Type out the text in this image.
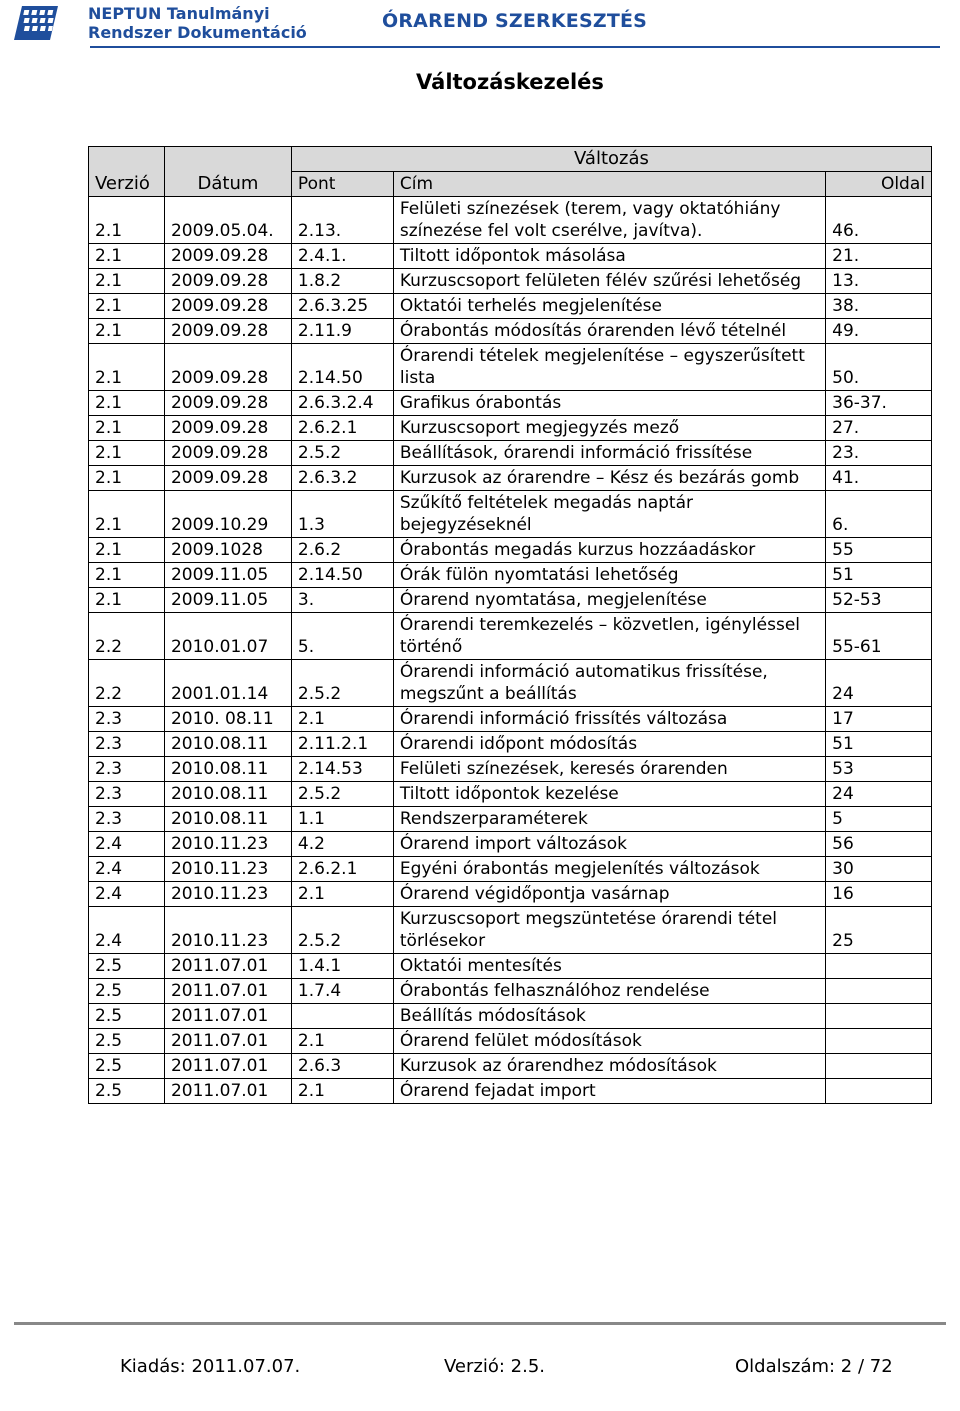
NEPTUN Tanulmányi
Rendszer Dokumentáció
ÓRAREND SZERKESZTÉS
Változáskezelés
Verzió	Dátum	Változás		
		Pont	Cím	Oldal
2.1	2009.05.04.	2.13.	Felületi színezések (terem, vagy oktatóhiány színezése fel volt cserélve, javítva).	46.
2.1	2009.09.28	2.4.1.	Tiltott időpontok másolása	21.
2.1	2009.09.28	1.8.2	Kurzuscsoport felületen félév szűrési lehetőség	13.
2.1	2009.09.28	2.6.3.25	Oktatói terhelés megjelenítése	38.
2.1	2009.09.28	2.11.9	Órabontás módosítás órarenden lévő tételnél	49.
2.1	2009.09.28	2.14.50	Órarendi tételek megjelenítése – egyszerűsített lista	50.
2.1	2009.09.28	2.6.3.2.4	Grafikus órabontás	36-37.
2.1	2009.09.28	2.6.2.1	Kurzuscsoport megjegyzés mező	27.
2.1	2009.09.28	2.5.2	Beállítások, órarendi információ frissítése	23.
2.1	2009.09.28	2.6.3.2	Kurzusok az órarendre – Kész és bezárás gomb	41.
2.1	2009.10.29	1.3	Szűkítő feltételek megadás naptár bejegyzéseknél	6.
2.1	2009.1028	2.6.2	Órabontás megadás kurzus hozzáadáskor	55
2.1	2009.11.05	2.14.50	Órák fülön nyomtatási lehetőség	51
2.1	2009.11.05	3.	Órarend nyomtatása, megjelenítése	52-53
2.2	2010.01.07	5.	Órarendi teremkezelés – közvetlen, igényléssel történő	55-61
2.2	2001.01.14	2.5.2	Órarendi információ automatikus frissítése, megszűnt a beállítás	24
2.3	2010. 08.11	2.1	Órarendi információ frissítés változása	17
2.3	2010.08.11	2.11.2.1	Órarendi időpont módosítás	51
2.3	2010.08.11	2.14.53	Felületi színezések, keresés órarenden	53
2.3	2010.08.11	2.5.2	Tiltott időpontok kezelése	24
2.3	2010.08.11	1.1	Rendszerparaméterek	5
2.4	2010.11.23	4.2	Órarend import változások	56
2.4	2010.11.23	2.6.2.1	Egyéni órabontás megjelenítés változások	30
2.4	2010.11.23	2.1	Órarend végidőpontja vasárnap	16
2.4	2010.11.23	2.5.2	Kurzuscsoport megszüntetése órarendi tétel törlésekor	25
2.5	2011.07.01	1.4.1	Oktatói mentesítés	
2.5	2011.07.01	1.7.4	Órabontás felhasználóhoz rendelése	
2.5	2011.07.01		Beállítás módosítások	
2.5	2011.07.01	2.1	Órarend felület módosítások	
2.5	2011.07.01	2.6.3	Kurzusok az órarendhez módosítások	
2.5	2011.07.01	2.1	Órarend fejadat import	
Kiadás: 2011.07.07.	Verzió: 2.5.	Oldalszám: 2 / 72
